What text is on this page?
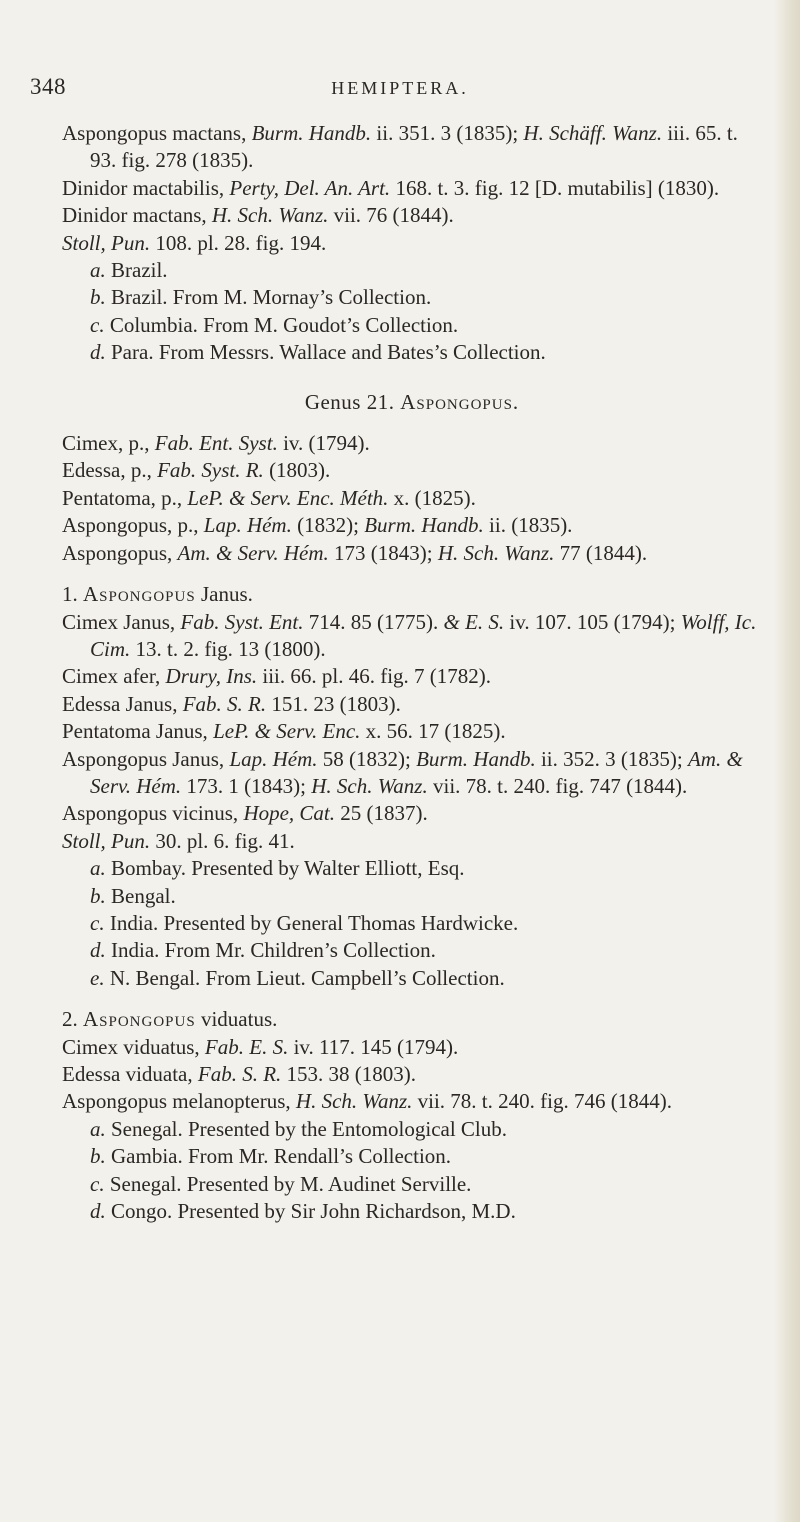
348	HEMIPTERA.
Aspongopus mactans, Burm. Handb. ii. 351. 3 (1835); H. Schäff. Wanz. iii. 65. t. 93. fig. 278 (1835).
Dinidor mactabilis, Perty, Del. An. Art. 168. t. 3. fig. 12 [D. mutabilis] (1830).
Dinidor mactans, H. Sch. Wanz. vii. 76 (1844).
Stoll, Pun. 108. pl. 28. fig. 194.
a. Brazil.
b. Brazil. From M. Mornay’s Collection.
c. Columbia. From M. Goudot’s Collection.
d. Para. From Messrs. Wallace and Bates’s Collection.
Genus 21. Aspongopus.
Cimex, p., Fab. Ent. Syst. iv. (1794).
Edessa, p., Fab. Syst. R. (1803).
Pentatoma, p., LeP. & Serv. Enc. Méth. x. (1825).
Aspongopus, p., Lap. Hém. (1832); Burm. Handb. ii. (1835).
Aspongopus, Am. & Serv. Hém. 173 (1843); H. Sch. Wanz. 77 (1844).
1. Aspongopus Janus.
Cimex Janus, Fab. Syst. Ent. 714. 85 (1775). & E. S. iv. 107. 105 (1794); Wolff, Ic. Cim. 13. t. 2. fig. 13 (1800).
Cimex afer, Drury, Ins. iii. 66. pl. 46. fig. 7 (1782).
Edessa Janus, Fab. S. R. 151. 23 (1803).
Pentatoma Janus, LeP. & Serv. Enc. x. 56. 17 (1825).
Aspongopus Janus, Lap. Hém. 58 (1832); Burm. Handb. ii. 352. 3 (1835); Am. & Serv. Hém. 173. 1 (1843); H. Sch. Wanz. vii. 78. t. 240. fig. 747 (1844).
Aspongopus vicinus, Hope, Cat. 25 (1837).
Stoll, Pun. 30. pl. 6. fig. 41.
a. Bombay. Presented by Walter Elliott, Esq.
b. Bengal.
c. India. Presented by General Thomas Hardwicke.
d. India. From Mr. Children’s Collection.
e. N. Bengal. From Lieut. Campbell’s Collection.
2. Aspongopus viduatus.
Cimex viduatus, Fab. E. S. iv. 117. 145 (1794).
Edessa viduata, Fab. S. R. 153. 38 (1803).
Aspongopus melanopterus, H. Sch. Wanz. vii. 78. t. 240. fig. 746 (1844).
a. Senegal. Presented by the Entomological Club.
b. Gambia. From Mr. Rendall’s Collection.
c. Senegal. Presented by M. Audinet Serville.
d. Congo. Presented by Sir John Richardson, M.D.
